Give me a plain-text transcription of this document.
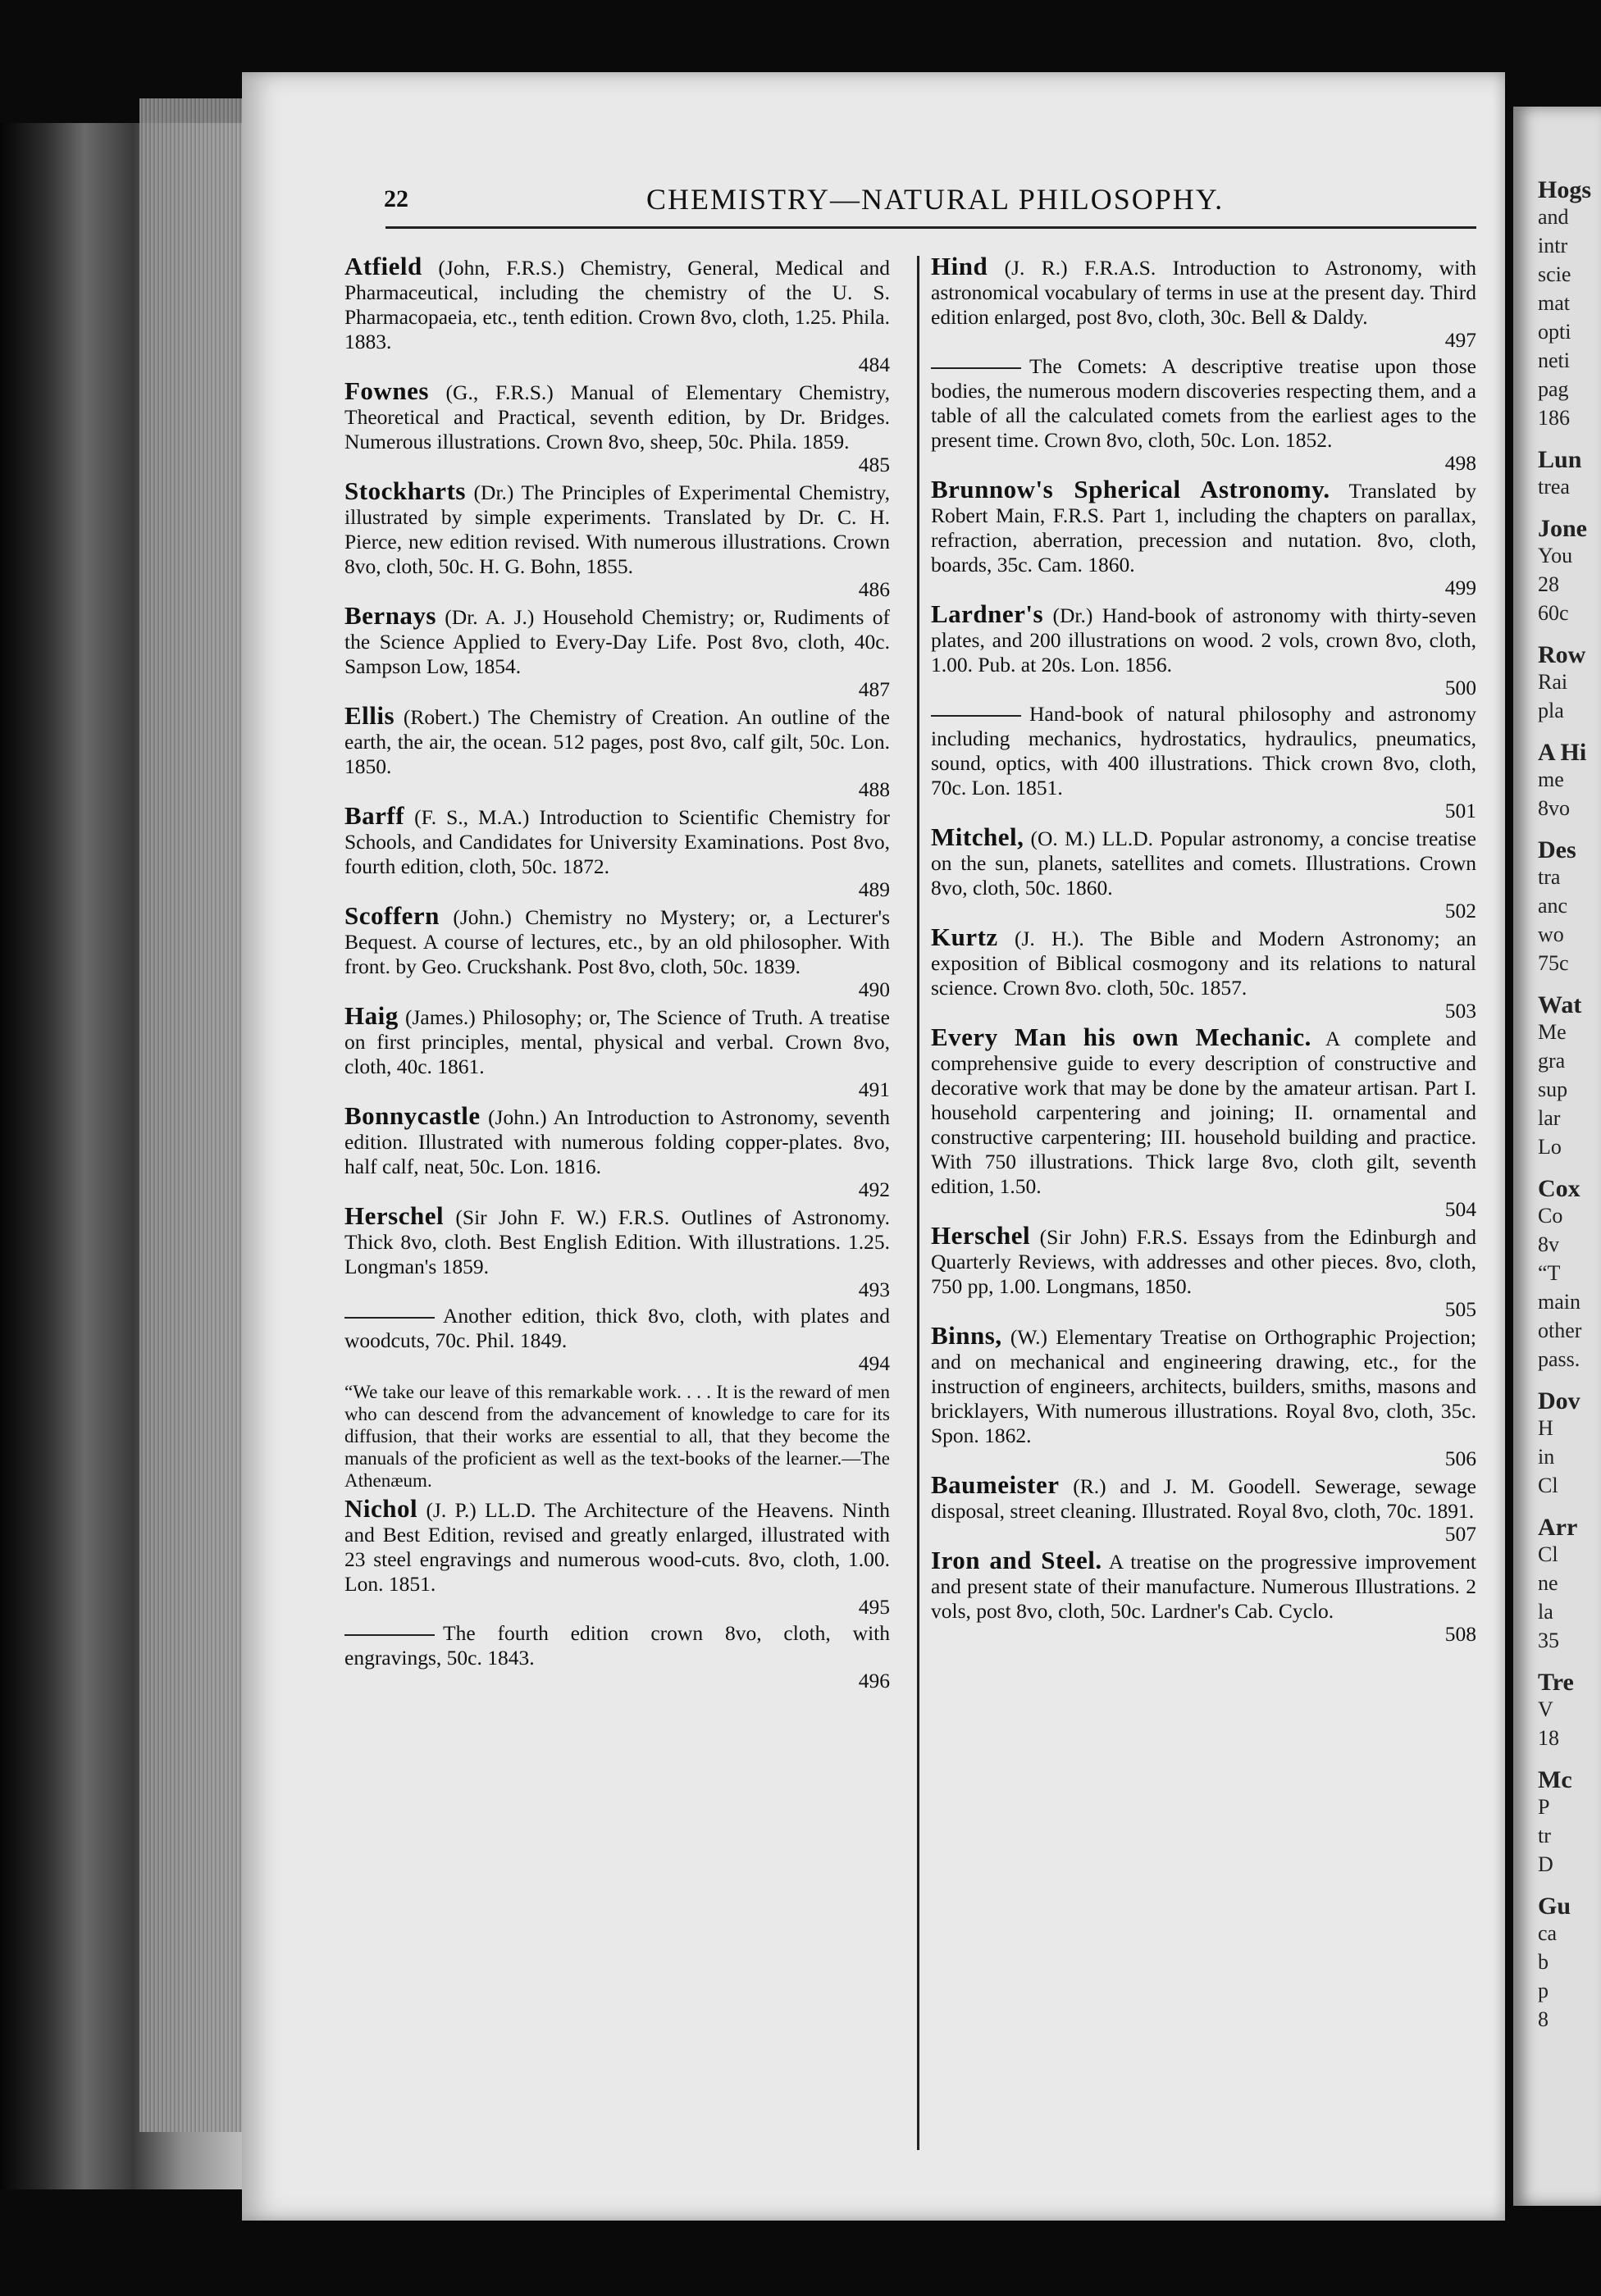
Hogs
and
intr
scie
mat
opti
neti
pag
186
Lun
trea
Jone
You
28
60c
Row
Rai
pla
A Hi
me
8vo
Des
tra
anc
wo
75c
Wat
Me
gra
sup
lar
Lo
Cox
Co
8v
“T
main
other
pass.
Dov
H
in
Cl
Arr
Cl
ne
la
35
Tre
V
18
Mc
P
tr
D
Gu
ca
b
p
8
22	CHEMISTRY—NATURAL PHILOSOPHY.
Atfield (John, F.R.S.) Chemistry, General, Medical and Pharmaceutical, including the chemistry of the U. S. Pharmacopaeia, etc., tenth edition. Crown 8vo, cloth, 1.25. Phila. 1883.
484
Fownes (G., F.R.S.) Manual of Elementary Chemistry, Theoretical and Practical, seventh edition, by Dr. Bridges. Numerous illustrations. Crown 8vo, sheep, 50c. Phila. 1859.
485
Stockharts (Dr.) The Principles of Experimental Chemistry, illustrated by simple experiments. Translated by Dr. C. H. Pierce, new edition revised. With numerous illustrations. Crown 8vo, cloth, 50c. H. G. Bohn, 1855.
486
Bernays (Dr. A. J.) Household Chemistry; or, Rudiments of the Science Applied to Every-Day Life. Post 8vo, cloth, 40c. Sampson Low, 1854.
487
Ellis (Robert.) The Chemistry of Creation. An outline of the earth, the air, the ocean. 512 pages, post 8vo, calf gilt, 50c. Lon. 1850.
488
Barff (F. S., M.A.) Introduction to Scientific Chemistry for Schools, and Candidates for University Examinations. Post 8vo, fourth edition, cloth, 50c. 1872.
489
Scoffern (John.) Chemistry no Mystery; or, a Lecturer's Bequest. A course of lectures, etc., by an old philosopher. With front. by Geo. Cruckshank. Post 8vo, cloth, 50c. 1839.
490
Haig (James.) Philosophy; or, The Science of Truth. A treatise on first principles, mental, physical and verbal. Crown 8vo, cloth, 40c. 1861.
491
Bonnycastle (John.) An Introduction to Astronomy, seventh edition. Illustrated with numerous folding copper-plates. 8vo, half calf, neat, 50c. Lon. 1816.
492
Herschel (Sir John F. W.) F.R.S. Outlines of Astronomy. Thick 8vo, cloth. Best English Edition. With illustrations. 1.25. Longman's 1859.
493
Another edition, thick 8vo, cloth, with plates and woodcuts, 70c. Phil. 1849.
494
“We take our leave of this remarkable work. . . . It is the reward of men who can descend from the advancement of knowledge to care for its diffusion, that their works are essential to all, that they become the manuals of the proficient as well as the text-books of the learner.—The Athenæum.
Nichol (J. P.) LL.D. The Architecture of the Heavens. Ninth and Best Edition, revised and greatly enlarged, illustrated with 23 steel engravings and numerous wood-cuts. 8vo, cloth, 1.00. Lon. 1851.
495
The fourth edition crown 8vo, cloth, with engravings, 50c. 1843.
496
Hind (J. R.) F.R.A.S. Introduction to Astronomy, with astronomical vocabulary of terms in use at the present day. Third edition enlarged, post 8vo, cloth, 30c. Bell & Daldy.
497
The Comets: A descriptive treatise upon those bodies, the numerous modern discoveries respecting them, and a table of all the calculated comets from the earliest ages to the present time. Crown 8vo, cloth, 50c. Lon. 1852.
498
Brunnow's Spherical Astronomy. Translated by Robert Main, F.R.S. Part 1, including the chapters on parallax, refraction, aberration, precession and nutation. 8vo, cloth, boards, 35c. Cam. 1860.
499
Lardner's (Dr.) Hand-book of astronomy with thirty-seven plates, and 200 illustrations on wood. 2 vols, crown 8vo, cloth, 1.00. Pub. at 20s. Lon. 1856.
500
Hand-book of natural philosophy and astronomy including mechanics, hydrostatics, hydraulics, pneumatics, sound, optics, with 400 illustrations. Thick crown 8vo, cloth, 70c. Lon. 1851.
501
Mitchel, (O. M.) LL.D. Popular astronomy, a concise treatise on the sun, planets, satellites and comets. Illustrations. Crown 8vo, cloth, 50c. 1860.
502
Kurtz (J. H.). The Bible and Modern Astronomy; an exposition of Biblical cosmogony and its relations to natural science. Crown 8vo. cloth, 50c. 1857.
503
Every Man his own Mechanic. A complete and comprehensive guide to every description of constructive and decorative work that may be done by the amateur artisan. Part I. household carpentering and joining; II. ornamental and constructive carpentering; III. household building and practice. With 750 illustrations. Thick large 8vo, cloth gilt, seventh edition, 1.50.
504
Herschel (Sir John) F.R.S. Essays from the Edinburgh and Quarterly Reviews, with addresses and other pieces. 8vo, cloth, 750 pp, 1.00. Longmans, 1850.
505
Binns, (W.) Elementary Treatise on Orthographic Projection; and on mechanical and engineering drawing, etc., for the instruction of engineers, architects, builders, smiths, masons and bricklayers, With numerous illustrations. Royal 8vo, cloth, 35c. Spon. 1862.
506
Baumeister (R.) and J. M. Goodell. Sewerage, sewage disposal, street cleaning. Illustrated. Royal 8vo, cloth, 70c. 1891.
507
Iron and Steel. A treatise on the progressive improvement and present state of their manufacture. Numerous Illustrations. 2 vols, post 8vo, cloth, 50c. Lardner's Cab. Cyclo.
508
